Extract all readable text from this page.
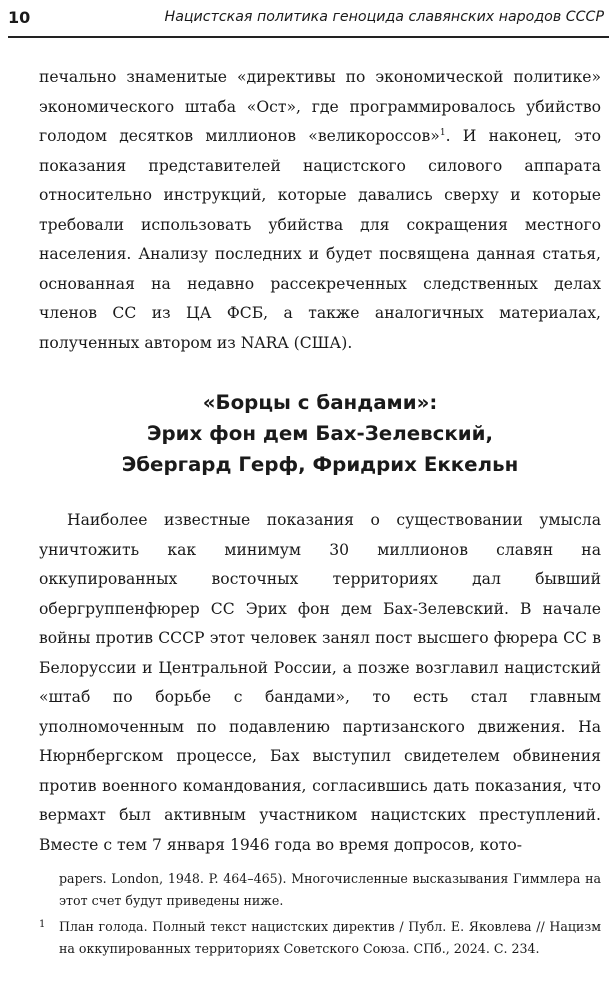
10	Нацистская политика геноцида славянских народов СССР

печально знаменитые «директивы по экономической политике» экономического штаба «Ост», где программировалось убийство голодом десятков миллионов «великороссов»$^1$. И наконец, это показания представителей нацистского силового аппарата относительно инструкций, которые давались сверху и которые требовали использовать убийства для сокращения местного населения. Анализу последних и будет посвящена данная статья, основанная на недавно рассекреченных следственных делах членов СС из ЦА ФСБ, а также аналогичных материалах, полученных автором из NARA (США).

«Борцы с бандами»:
Эрих фон дем Бах-Зелевский,
Эбергард Герф, Фридрих Еккельн

Наиболее известные показания о существовании умысла уничтожить как минимум 30 миллионов славян на оккупированных восточных территориях дал бывший обергруппенфюрер СС Эрих фон дем Бах-Зелевский. В начале войны против СССР этот человек занял пост высшего фюрера СС в Белоруссии и Центральной России, а позже возглавил нацистский «штаб по борьбе с бандами», то есть стал главным уполномоченным по подавлению партизанского движения. На Нюрнбергском процессе, Бах выступил свидетелем обвинения против военного командования, согласившись дать показания, что вермахт был активным участником нацистских преступлений. Вместе с тем 7 января 1946 года во время допросов, кото-

papers. London, 1948. P. 464–465). Многочисленные высказывания Гиммлера на этот счет будут приведены ниже.

1 План голода. Полный текст нацистских директив / Публ. Е. Яковлева // Нацизм на оккупированных территориях Советского Союза. СПб., 2024. С. 234.
